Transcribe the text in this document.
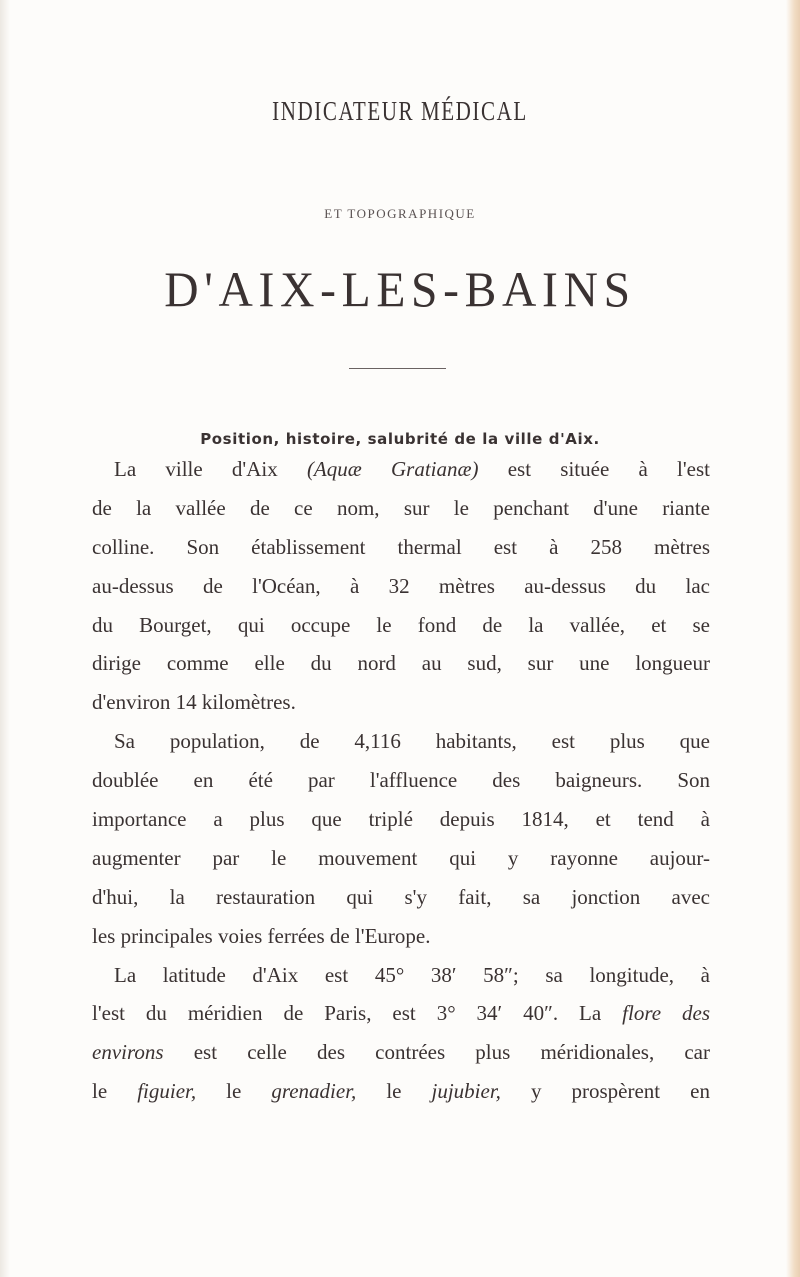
INDICATEUR MÉDICAL
ET TOPOGRAPHIQUE
D'AIX-LES-BAINS
Position, histoire, salubrité de la ville d'Aix.
La ville d'Aix (Aquæ Gratianæ) est située à l'est
de la vallée de ce nom, sur le penchant d'une riante
colline. Son établissement thermal est à 258 mètres
au-dessus de l'Océan, à 32 mètres au-dessus du lac
du Bourget, qui occupe le fond de la vallée, et se
dirige comme elle du nord au sud, sur une longueur
d'environ 14 kilomètres.
Sa population, de 4,116 habitants, est plus que
doublée en été par l'affluence des baigneurs. Son
importance a plus que triplé depuis 1814, et tend à
augmenter par le mouvement qui y rayonne aujour-
d'hui, la restauration qui s'y fait, sa jonction avec
les principales voies ferrées de l'Europe.
La latitude d'Aix est 45° 38′ 58″; sa longitude, à
l'est du méridien de Paris, est 3° 34′ 40″. La flore des
environs est celle des contrées plus méridionales, car
le figuier, le grenadier, le jujubier, y prospèrent en
